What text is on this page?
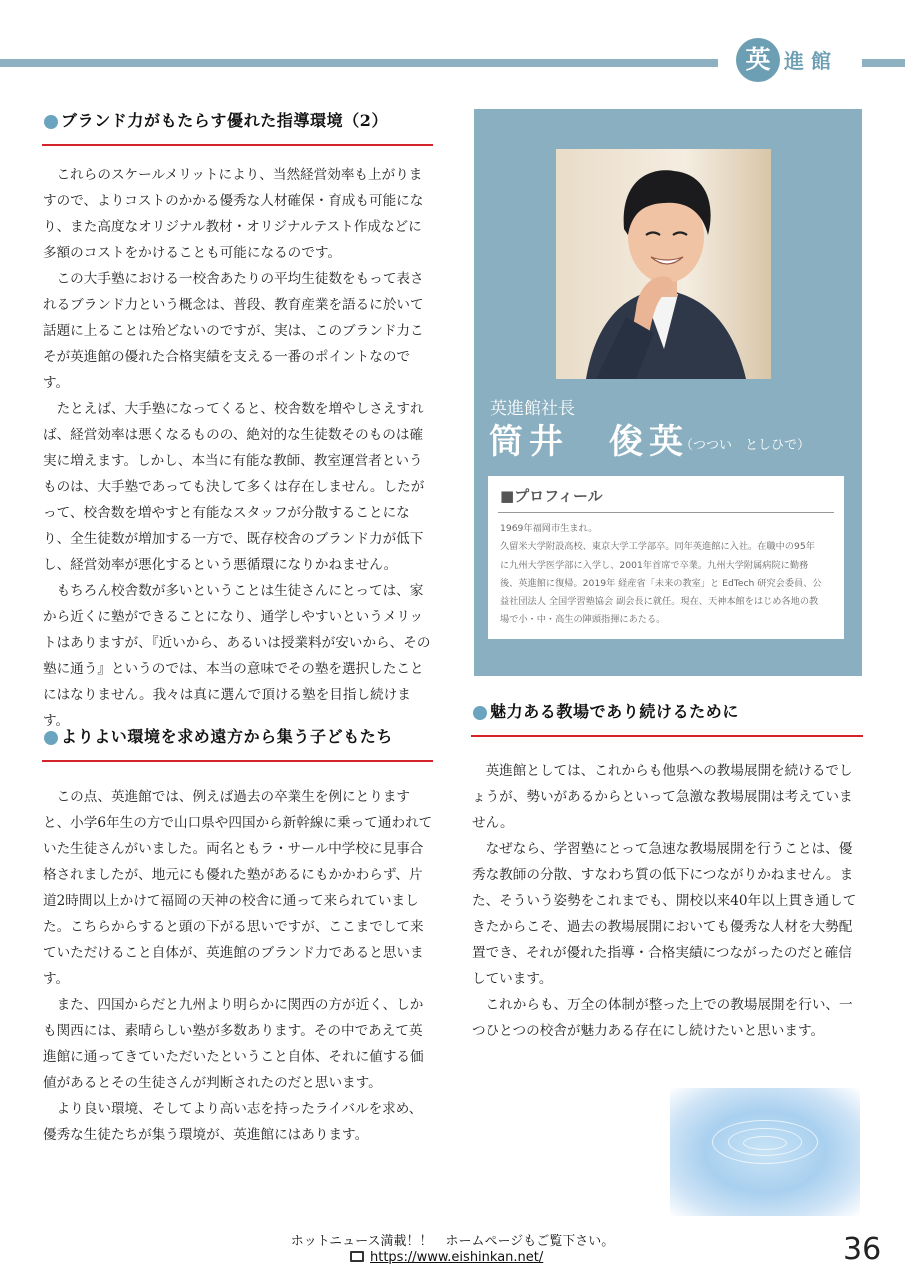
英 進館
ブランド力がもたらす優れた指導環境（2）

これらのスケールメリットにより、当然経営効率も上がりますので、よりコストのかかる優秀な人材確保・育成も可能になり、また高度なオリジナル教材・オリジナルテスト作成などに多額のコストをかけることも可能になるのです。

この大手塾における一校舎あたりの平均生徒数をもって表されるブランド力という概念は、普段、教育産業を語るに於いて話題に上ることは殆どないのですが、実は、このブランド力こそが英進館の優れた合格実績を支える一番のポイントなのです。

たとえば、大手塾になってくると、校舎数を増やしさえすれば、経営効率は悪くなるものの、絶対的な生徒数そのものは確実に増えます。しかし、本当に有能な教師、教室運営者というものは、大手塾であっても決して多くは存在しません。したがって、校舎数を増やすと有能なスタッフが分散することになり、全生徒数が増加する一方で、既存校舎のブランド力が低下し、経営効率が悪化するという悪循環になりかねません。

もちろん校舎数が多いということは生徒さんにとっては、家から近くに塾ができることになり、通学しやすいというメリットはありますが、『近いから、あるいは授業料が安いから、その塾に通う』というのでは、本当の意味でその塾を選択したことにはなりません。我々は真に選んで頂ける塾を目指し続けます。

よりよい環境を求め遠方から集う子どもたち

この点、英進館では、例えば過去の卒業生を例にとりますと、小学6年生の方で山口県や四国から新幹線に乗って通われていた生徒さんがいました。両名ともラ・サール中学校に見事合格されましたが、地元にも優れた塾があるにもかかわらず、片道2時間以上かけて福岡の天神の校舎に通って来られていました。こちらからすると頭の下がる思いですが、ここまでして来ていただけること自体が、英進館のブランド力であると思います。

また、四国からだと九州より明らかに関西の方が近く、しかも関西には、素晴らしい塾が多数あります。その中であえて英進館に通ってきていただいたということ自体、それに値する価値があるとその生徒さんが判断されたのだと思います。

より良い環境、そしてより高い志を持ったライバルを求め、優秀な生徒たちが集う環境が、英進館にはあります。

英進館社長
筒井　俊英
（つつい　としひで）
■プロフィール
1969年福岡市生まれ。
久留米大学附設高校、東京大学工学部卒。同年英進館に入社。在職中の95年
に九州大学医学部に入学し、2001年首席で卒業。九州大学附属病院に勤務
後、英進館に復帰。2019年 経産省「未来の教室」と EdTech 研究会委員、公
益社団法人 全国学習塾協会 副会長に就任。現在、天神本館をはじめ各地の教
場で小・中・高生の陣頭指揮にあたる。
魅力ある教場であり続けるために

英進館としては、これからも他県への教場展開を続けるでしょうが、勢いがあるからといって急激な教場展開は考えていません。

なぜなら、学習塾にとって急速な教場展開を行うことは、優秀な教師の分散、すなわち質の低下につながりかねません。また、そういう姿勢をこれまでも、開校以来40年以上貫き通してきたからこそ、過去の教場展開においても優秀な人材を大勢配置でき、それが優れた指導・合格実績につながったのだと確信しています。

これからも、万全の体制が整った上での教場展開を行い、一つひとつの校舎が魅力ある存在にし続けたいと思います。

ホットニュース満載！！　ホームページもご覧下さい。
https://www.eishinkan.net/	36
